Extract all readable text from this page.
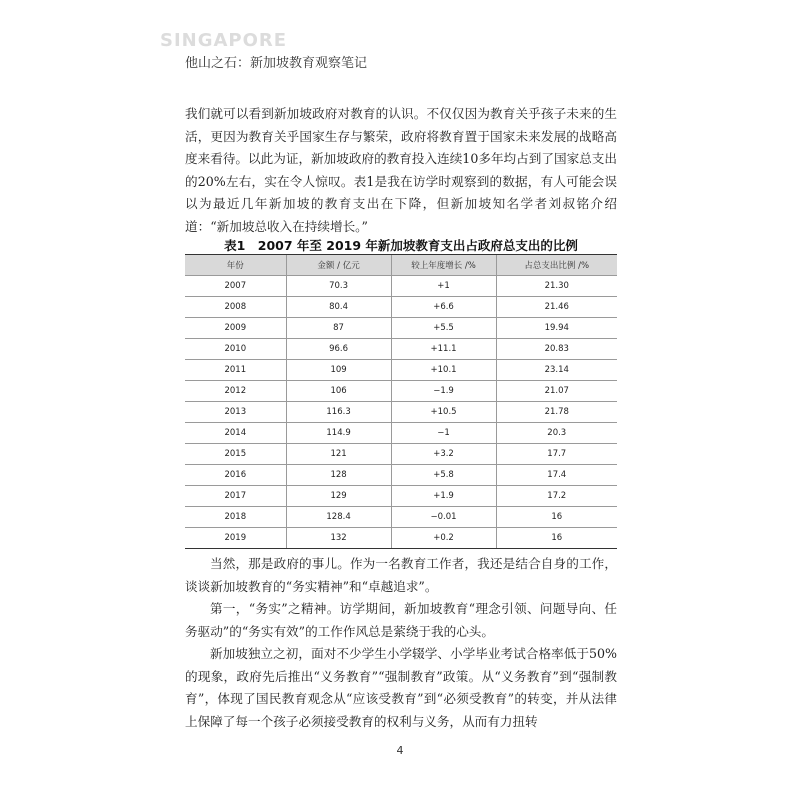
SINGAPORE
他山之石：新加坡教育观察笔记

我们就可以看到新加坡政府对教育的认识。不仅仅因为教育关乎孩子未来的生活，更因为教育关乎国家生存与繁荣，政府将教育置于国家未来发展的战略高度来看待。以此为证，新加坡政府的教育投入连续10多年均占到了国家总支出的20%左右，实在令人惊叹。表1是我在访学时观察到的数据，有人可能会误以为最近几年新加坡的教育支出在下降，但新加坡知名学者刘叔铭介绍道：“新加坡总收入在持续增长。”

表1　2007 年至 2019 年新加坡教育支出占政府总支出的比例
年份	金额 / 亿元	较上年度增长 /%	占总支出比例 /%
2007	70.3	+1	21.30
2008	80.4	+6.6	21.46
2009	87	+5.5	19.94
2010	96.6	+11.1	20.83
2011	109	+10.1	23.14
2012	106	−1.9	21.07
2013	116.3	+10.5	21.78
2014	114.9	−1	20.3
2015	121	+3.2	17.7
2016	128	+5.8	17.4
2017	129	+1.9	17.2
2018	128.4	−0.01	16
2019	132	+0.2	16

当然，那是政府的事儿。作为一名教育工作者，我还是结合自身的工作，谈谈新加坡教育的“务实精神”和“卓越追求”。

第一，“务实”之精神。访学期间，新加坡教育“理念引领、问题导向、任务驱动”的“务实有效”的工作作风总是萦绕于我的心头。

新加坡独立之初，面对不少学生小学辍学、小学毕业考试合格率低于50%的现象，政府先后推出“义务教育”“强制教育”政策。从“义务教育”到“强制教育”，体现了国民教育观念从“应该受教育”到“必须受教育”的转变，并从法律上保障了每一个孩子必须接受教育的权利与义务，从而有力扭转

4
